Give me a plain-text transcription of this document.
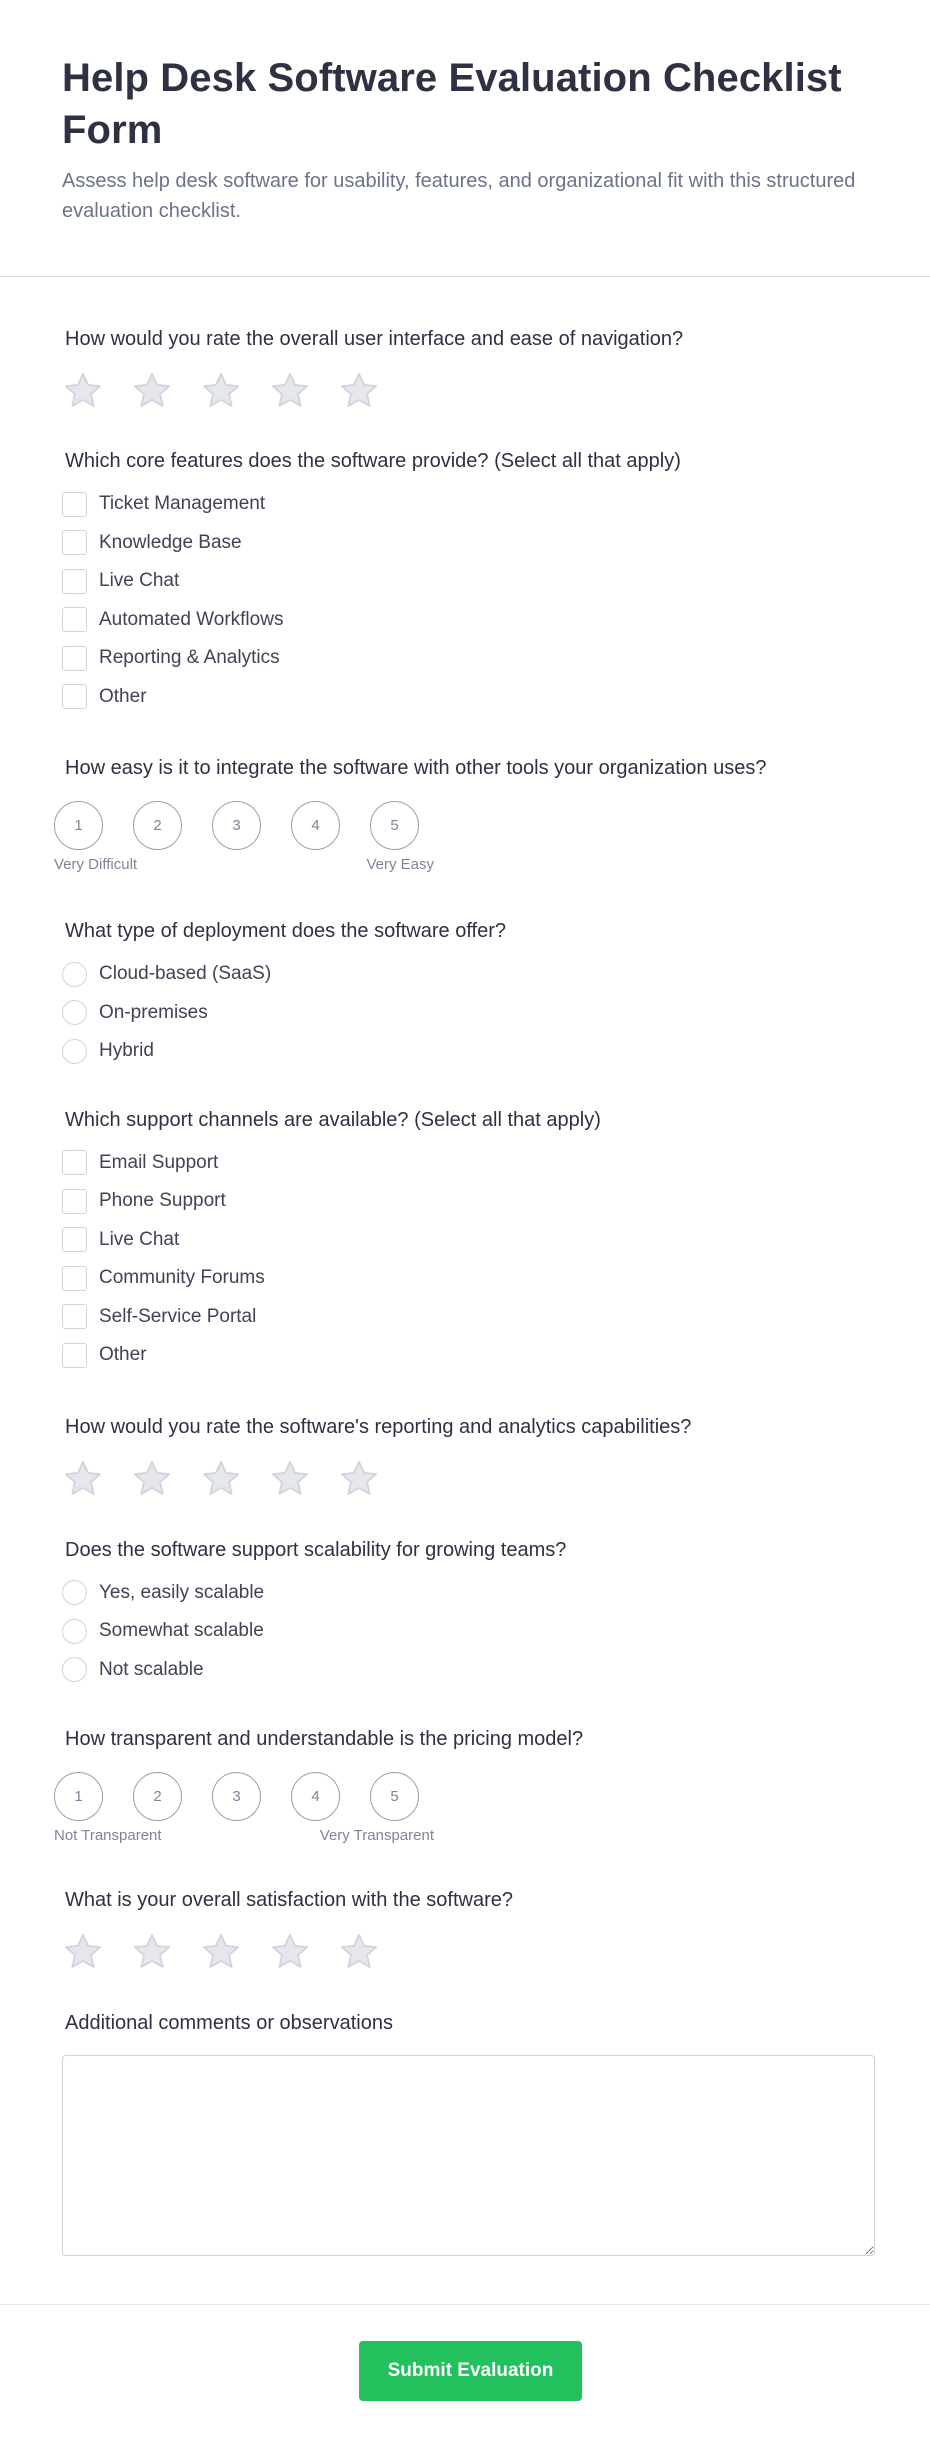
Help Desk Software Evaluation Checklist Form

Assess help desk software for usability, features, and organizational fit with this structured evaluation checklist.

How would you rate the overall user interface and ease of navigation?
Which core features does the software provide? (Select all that apply)
Ticket Management
Knowledge Base
Live Chat
Automated Workflows
Reporting & Analytics
Other
How easy is it to integrate the software with other tools your organization uses?
1	2	3	4	5
Very Difficult	Very Easy
What type of deployment does the software offer?
Cloud-based (SaaS)
On-premises
Hybrid
Which support channels are available? (Select all that apply)
Email Support
Phone Support
Live Chat
Community Forums
Self-Service Portal
Other
How would you rate the software's reporting and analytics capabilities?
Does the software support scalability for growing teams?
Yes, easily scalable
Somewhat scalable
Not scalable
How transparent and understandable is the pricing model?
1	2	3	4	5
Not Transparent	Very Transparent
What is your overall satisfaction with the software?
Additional comments or observations
Submit Evaluation
